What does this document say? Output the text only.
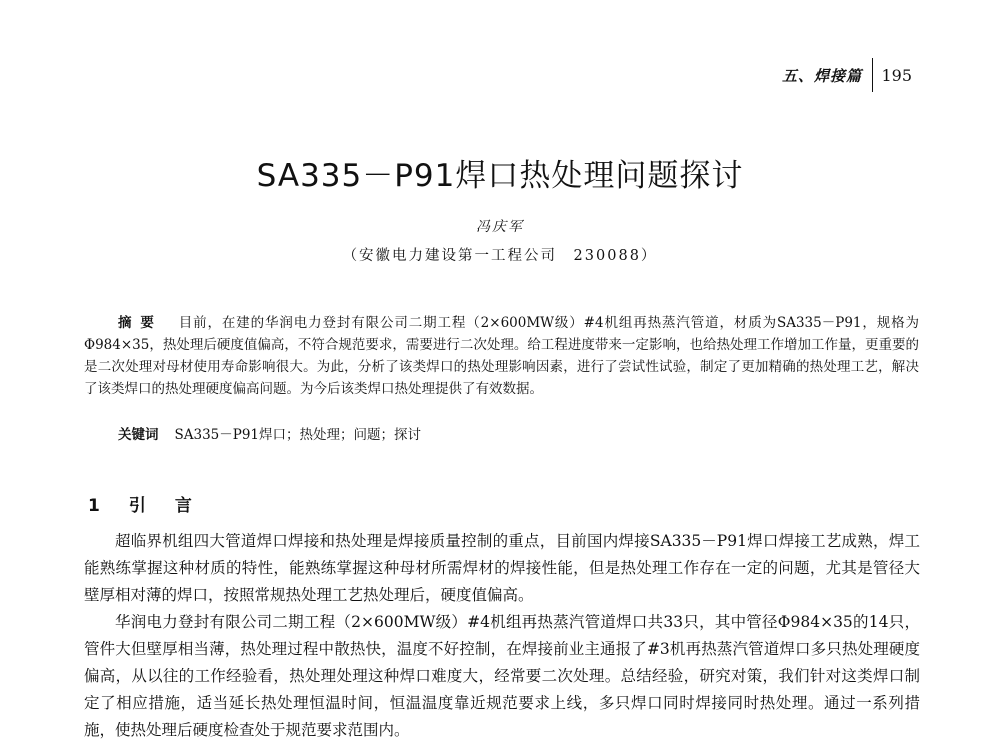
五、焊接篇	195
SA335－P91焊口热处理问题探讨
冯庆军
（安徽电力建设第一工程公司　230088）
摘要 目前，在建的华润电力登封有限公司二期工程（2×600MW级）#4机组再热蒸汽管道，材质为SA335－P91，规格为Φ984×35，热处理后硬度值偏高，不符合规范要求，需要进行二次处理。给工程进度带来一定影响，也给热处理工作增加工作量，更重要的是二次处理对母材使用寿命影响很大。为此，分析了该类焊口的热处理影响因素，进行了尝试性试验，制定了更加精确的热处理工艺，解决了该类焊口的热处理硬度偏高问题。为今后该类焊口热处理提供了有效数据。
关键词 SA335－P91焊口；热处理；问题；探讨
1　引　言

超临界机组四大管道焊口焊接和热处理是焊接质量控制的重点，目前国内焊接SA335－P91焊口焊接工艺成熟，焊工能熟练掌握这种材质的特性，能熟练掌握这种母材所需焊材的焊接性能，但是热处理工作存在一定的问题，尤其是管径大壁厚相对薄的焊口，按照常规热处理工艺热处理后，硬度值偏高。

华润电力登封有限公司二期工程（2×600MW级）#4机组再热蒸汽管道焊口共33只，其中管径Φ984×35的14只，管件大但壁厚相当薄，热处理过程中散热快，温度不好控制，在焊接前业主通报了#3机再热蒸汽管道焊口多只热处理硬度偏高，从以往的工作经验看，热处理处理这种焊口难度大，经常要二次处理。总结经验，研究对策，我们针对这类焊口制定了相应措施，适当延长热处理恒温时间，恒温温度靠近规范要求上线，多只焊口同时焊接同时热处理。通过一系列措施，使热处理后硬度检查处于规范要求范围内。
